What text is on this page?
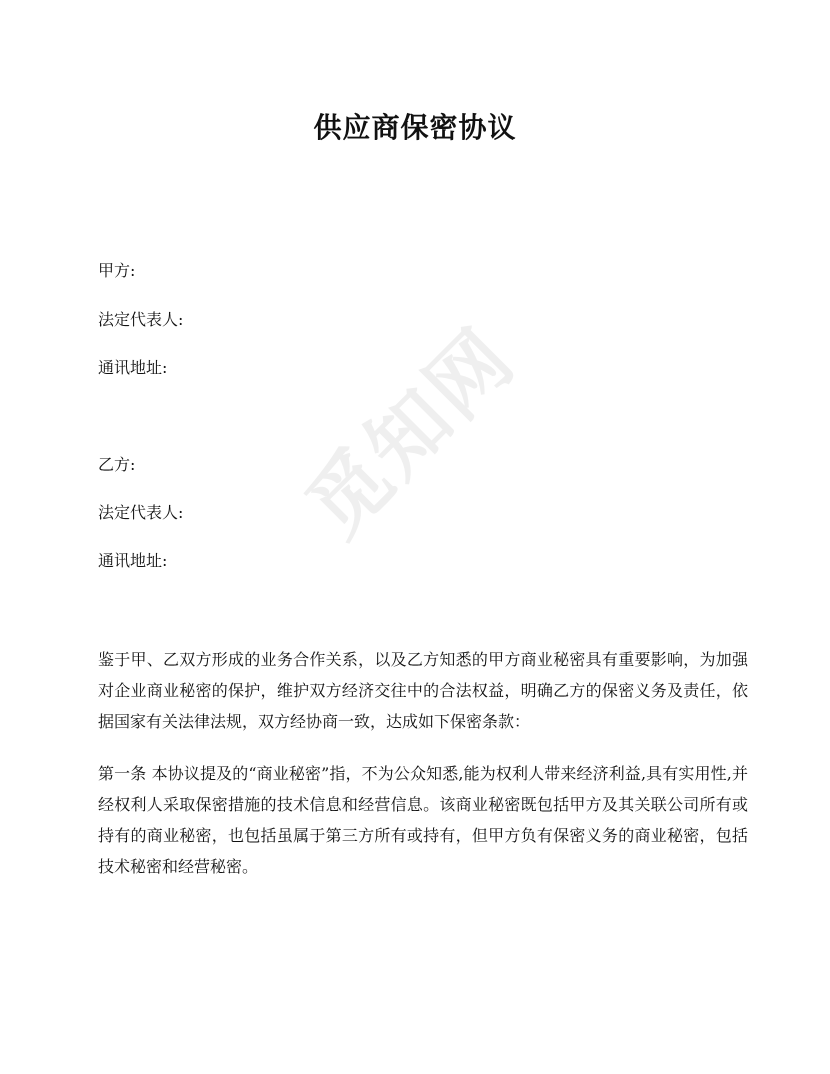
觅知网
供应商保密协议

甲方:

法定代表人:

通讯地址:

乙方:

法定代表人:

通讯地址:

鉴于甲、乙双方形成的业务合作关系，以及乙方知悉的甲方商业秘密具有重要影响，为加强对企业商业秘密的保护，维护双方经济交往中的合法权益，明确乙方的保密义务及责任，依据国家有关法律法规，双方经协商一致，达成如下保密条款：

第一条 本协议提及的“商业秘密”指，不为公众知悉,能为权利人带来经济利益,具有实用性,并经权利人采取保密措施的技术信息和经营信息。该商业秘密既包括甲方及其关联公司所有或持有的商业秘密，也包括虽属于第三方所有或持有，但甲方负有保密义务的商业秘密，包括技术秘密和经营秘密。
